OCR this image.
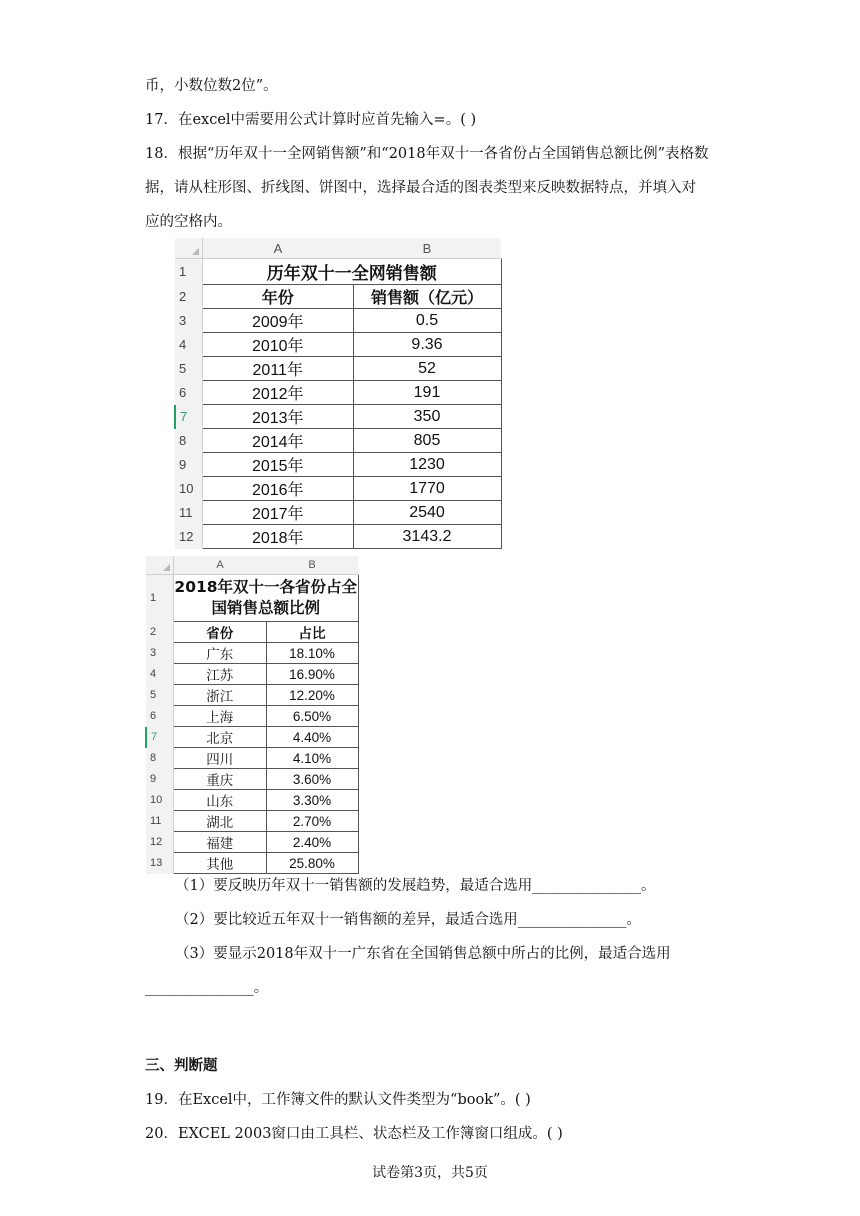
币，小数位数2位”。
17．在excel中需要用公式计算时应首先输入=。( )
18．根据“历年双十一全网销售额”和“2018年双十一各省份占全国销售总额比例”表格数
据，请从柱形图、折线图、饼图中，选择最合适的图表类型来反映数据特点，并填入对
应的空格内。
	A	B
1	历年双十一全网销售额	
2	年份	销售额（亿元）
3	2009年	0.5
4	2010年	9.36
5	2011年	52
6	2012年	191
7	2013年	350
8	2014年	805
9	2015年	1230
10	2016年	1770
11	2017年	2540
12	2018年	3143.2
	A	B
1	2018年双十一各省份占全国销售总额比例	
2	省份	占比
3	广东	18.10%
4	江苏	16.90%
5	浙江	12.20%
6	上海	6.50%
7	北京	4.40%
8	四川	4.10%
9	重庆	3.60%
10	山东	3.30%
11	湖北	2.70%
12	福建	2.40%
13	其他	25.80%
（1）要反映历年双十一销售额的发展趋势，最适合选用_______________。
（2）要比较近五年双十一销售额的差异，最适合选用_______________。
（3）要显示2018年双十一广东省在全国销售总额中所占的比例，最适合选用
_______________。
三、判断题
19．在Excel中，工作簿文件的默认文件类型为“book”。( )
20．EXCEL 2003窗口由工具栏、状态栏及工作簿窗口组成。( )
试卷第3页，共5页
